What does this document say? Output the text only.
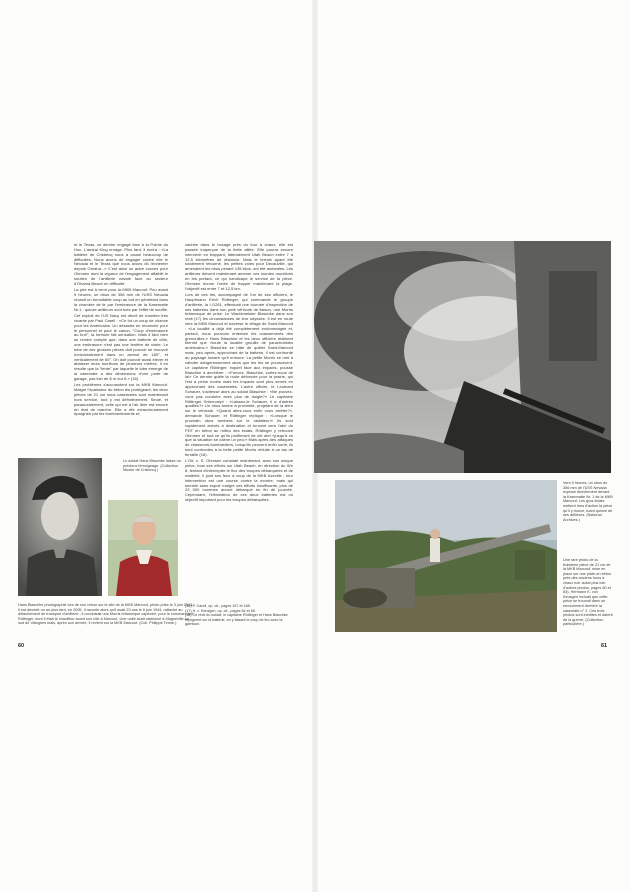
et le Texas, ce dernier engagé face à la Pointe du Hoc. L'amiral King enrage. Plus tard, il écrira : «La batterie de Crisbecq nous a causé beaucoup de difficultés. Nous avons dû engager contre elle le Nevada et le Texas que nous avons dû réorienter depuis Omaha...» C'est ainsi un autre succès pour Ohmsen dont la vigueur de l'engagement affaiblit le soutien de l'artillerie navale face au secteur d'Ohama Beach en difficulté.

La pire est à venir pour la MKB Marcouf. Peu avant 9 heures, un obus de 356 mm de l'USS Nevada réussit un formidable coup au but en pénétrant dans la chambre de tir par l'embrasure de la Kasematte Nr.1 : quinze artilleurs sont tués par l'effet de souffle.

Cet exploit de l'US Navy est décrit de manière très vivante par Paul Carell : «Ce fut un coup de chance pour les Américains. Un désastre en revanche pour le personnel et pour le canon. "Coup d'embrasure au but!", la formule fait sensation. Mais il faut bien se rendre compte que, dans une batterie de côte, une embrasure n'est pas une fenêtre de visée. Le tube de ces grosses pièces doit pouvoir se mouvoir horizontalement dans un azimut de 180°, et verticalement de 60°. On doit pouvoir aussi élever et abaisser leurs tourillons de plusieurs mètres. Il en résulte que la "fente" par laquelle le tube émerge de la casemate a des dimensions d'une porte de garage, pas loin de 6 m sur 6.» (16)

Les problèmes s'accumulent sur la MKB Marcouf. Malgré l'épaisseur du béton les protégeant, les deux pièces de 21 cm sous casemates sont maintenant hors service, tout y est définitivement. Seule, et paradoxalement, celle qui est à l'air libre est encore en état de marche. Elle a été miraculeusement épargnée par les bombardements et,

cachée dans le bocage près du four à chaux, elle est passée inaperçue de la flotte alliée. Elle pourra encore intervenir en frappant, latéralement Utah Beach entre 7 à 12,5 kilomètres de distance. Mais le terrain ayant été totalement retourné, les petites voies pour Decauville, qui amenaient les obus pesant 135 kilos, ont été anéanties. Les artilleurs doivent maintenant amener ces lourdes munitions en les portant, ce qui handicape le service de la pièce. Ohmsen donne l'ordre de frapper maintenant la plage, l'objectif est entre 7 et 12,5 km.

Lors de ces tirs, accompagné de l'un de ses officiers, le Hauptmann Erich Rüttinger, qui commande le groupe d'artillerie, la I./1261, effectuait une tournée d'inspection de ses batteries dans son petit véhicule de liaison, une Morris britannique de prise. Le Wachtmeister Blaschke dans son récit (17) les circonstances de leur odyssée. Il est en route vers la MKB Marcouf et traverse le village de Saint-Marcouf : «La localité a déjà été complètement endommagée et, partout, nous pouvons entendre les coassements des grenouilles.» Hans Blaschke et les deux officiers réalisent bientôt que «toute la localité grouille de parachutistes américains.» Blaschke se hâte de quitter Saint-Marcouf mais, peu après, approchant de la batterie, il est confronté au paysage lunaire qu'il entoure. La petite Morris se met à cahoter dangereusement alors que les tirs se poursuivent. Le capitaine Rüttinger, inquiet face aux impacts, pousse Blaschke à accélérer : «Foncez, Blaschke, sortez-nous de là!» Ce dernier quitte la route défoncée pour la prairie, qui l'est à peine moins mais les impacts sont plus serrés en approchant des casemates. L'autre officier, le Leutnant Schauer, s'adresse alors au soldat Blaschke : «Ne pouvez-vous pas conduire avec plus de doigté?» Le capitaine Rüttinger l'interrompt : «Laissez-le Schauer, il a d'autres qualités?» Un obus tombe à proximité, projetant de la terre sur le véhicule. «Quand allez-vous enfin vous arrêter?», demande Schauer, et Rüttinger réplique : «Lorsque le prochain obus tombera sur le radiateur!» Ils sont rapidement arrivés à destination et foncent vers l'abri du PDT en béton au milieu des éclats. Rüttinger y retrouve Ohmsen et tout ce qu'ils profiteront de cet abri «jusqu'à ce que la situation se calme un peu.» Mais après des attaques de chasseurs-bombardiers, lorsqu'ils peuvent enfin sortir, ils sont confrontés à la belle petite Morris réduite à un tas de ferraille (18).

L'Oit. z. S. Ohmsen constate maintenant, avec son unique pièce, tous ses efforts sur Utah Beach, en direction du Wn 8, tentant d'intercepter le flux des troupes débarquées et de matériel, il jouit ses feux à coup de la MKB Azeville ; leur intervention est une course contre la montre, mais qui semble sans espoir malgré ces efforts insuffisants, plus de 23 000 hommes auront débarqué en fin de journée. Cependant, l'élimination de ces deux batteries est un objectif important pour les troupes débarquées.

Le soldat Hans Blaschke laisse un précieux témoignage. (Collection Musée de Crisbecq.)
Hans Blaschke photographié lors de son retour sur le site de la MKB Marcouf, photo prise le 3 juin 2004. Il est décédé un an plus tard, en 2005. Il raconte alors qu'il avait 23 ans le 6 juin 1944, rattaché au détachement de transport d'artillerie ; il conduisait une Morris britannique capturée, pour le commandant Rüttinger, dont il était le chauffeur avant son rôle à Marcouf. Une unité avait stationné à Magneville au sud de Valognes mais, après son arrivée, il revient sur la MKB Marcouf. (Coll. Philippe Tenne.)
(16) P. Carell, op. cit., pages 167 et 168.
(17) H. v. Keusgen, op. cit., pages 64 et 65.
(18) Ce récit du soldat, le capitaine Rüttinger et Hans Blaschke rejoignent sur la batterie, en y faisant le coup de feu avec la garnison.
Vers 9 heures, un obus de 356 mm de l'USS Nevada explose directement devant la Kasematte Nr. 1 de la MKB Marcouf. Les gros éclats mettent hors d'action la pièce qu'il y trouve, tuant quinze de ses artilleurs. (National Archives.)
Une rare photo de la troisième pièce de 21 cm de la MKB Marcouf, mise en place sur une plate-en béton près des anciens fours à chaux noir aussi plus loin d'autres photos, pages 80 et 83). Hermann K. von Keusgen incluait que cette pièce se trouvait dans un encuvement derrière la casemate n° 2. Ces trois photos sont inédites et datent de la guerre. (Collection particulière.)
60	61
